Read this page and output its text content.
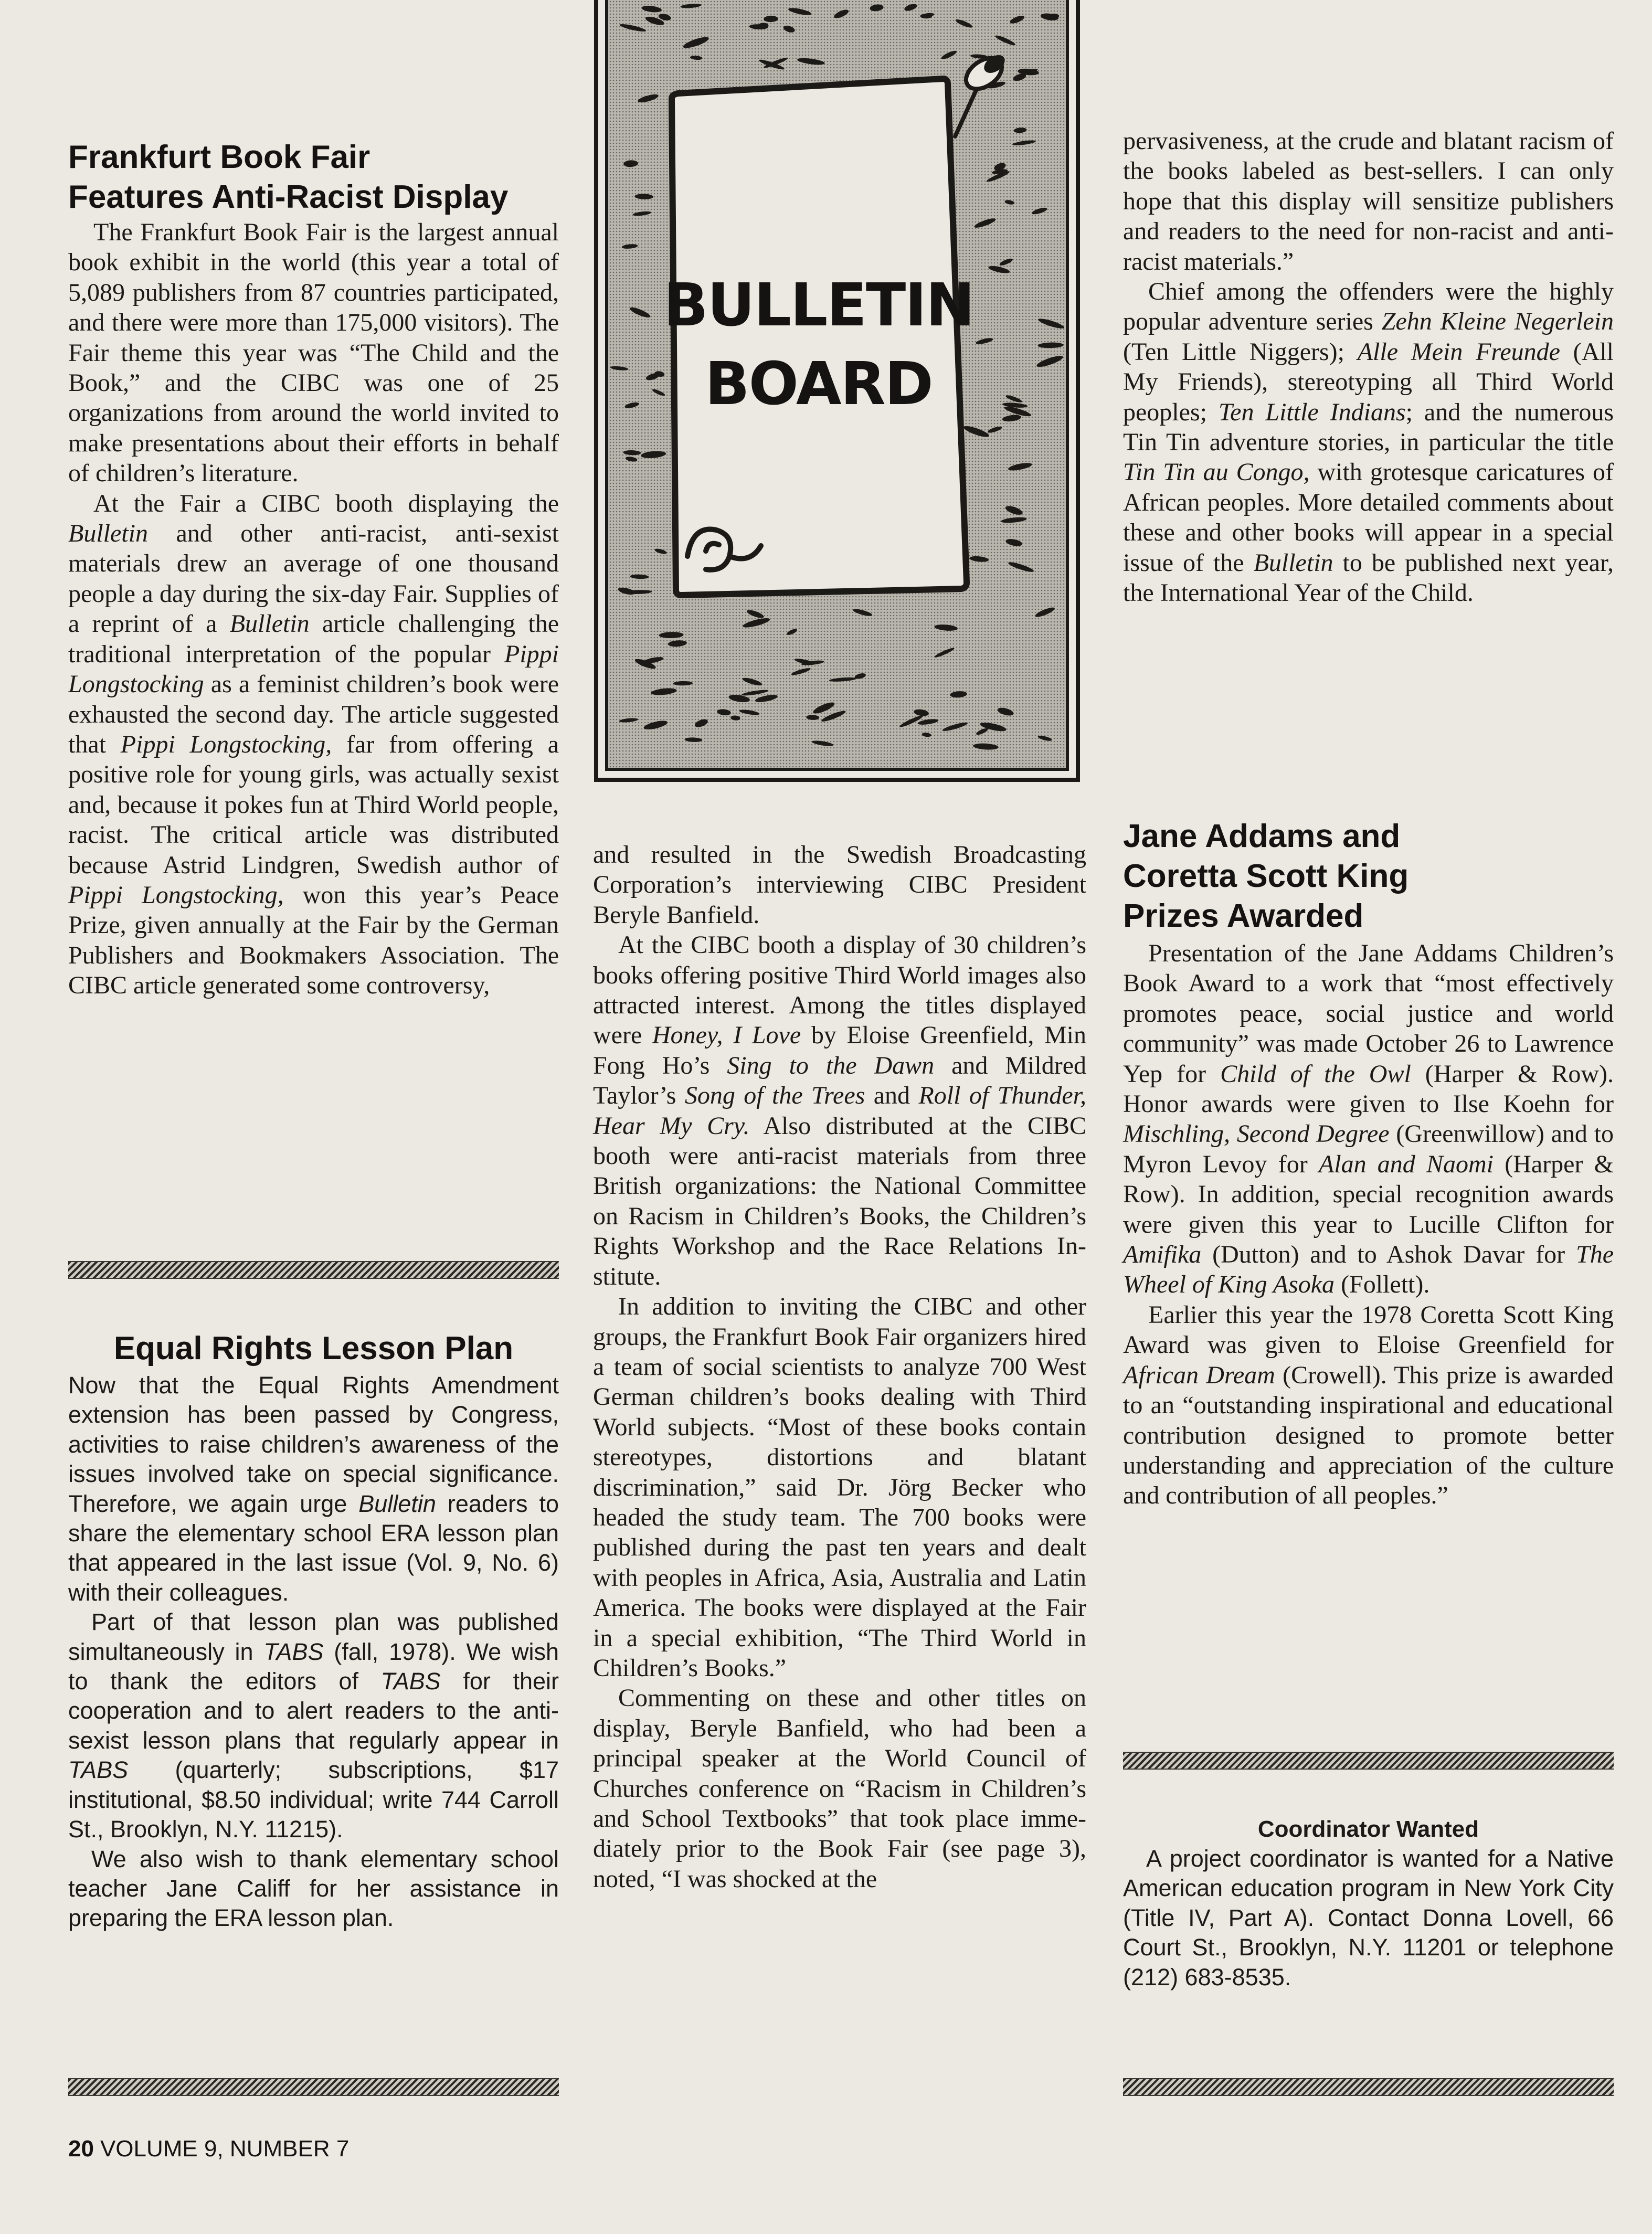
Frankfurt Book Fair
Features Anti-Racist Display

The Frankfurt Book Fair is the largest annual book exhibit in the world (this year a total of 5,089 publishers from 87 countries participated, and there were more than 175,000 visitors). The Fair theme this year was “The Child and the Book,” and the CIBC was one of 25 organizations from around the world invited to make presentations about their efforts in behalf of children’s literature.

At the Fair a CIBC booth displaying the Bulletin and other anti-racist, anti-sexist materials drew an average of one thousand people a day during the six-day Fair. Supplies of a reprint of a Bulletin article challenging the traditional interpretation of the popular Pippi Longstocking as a feminist children’s book were exhausted the second day. The article suggested that Pippi Longstocking, far from offering a positive role for young girls, was actually sexist and, because it pokes fun at Third World people, racist. The critical article was distributed because Astrid Lindgren, Swedish author of Pippi Longstocking, won this year’s Peace Prize, given annually at the Fair by the German Publishers and Bookmakers Association. The CIBC article generated some controversy,

Equal Rights Lesson Plan

Now that the Equal Rights Amendment extension has been passed by Congress, activities to raise children’s awareness of the issues involved take on special significance. Therefore, we again urge Bulletin readers to share the elementary school ERA lesson plan that appeared in the last issue (Vol. 9, No. 6) with their colleagues.

Part of that lesson plan was published simultaneously in TABS (fall, 1978). We wish to thank the editors of TABS for their cooperation and to alert readers to the anti-sexist lesson plans that regularly appear in TABS (quarterly; subscriptions, $17 institutional, $8.50 individual; write 744 Carroll St., Brooklyn, N.Y. 11215).

We also wish to thank elementary school teacher Jane Califf for her assistance in preparing the ERA lesson plan.

BULLETIN
BOARD

and resulted in the Swedish Broadcasting Corporation’s interviewing CIBC President Beryle Banfield.

At the CIBC booth a display of 30 children’s books offering positive Third World images also attracted interest. Among the titles displayed were Honey, I Love by Eloise Greenfield, Min Fong Ho’s Sing to the Dawn and Mildred Taylor’s Song of the Trees and Roll of Thunder, Hear My Cry. Also distributed at the CIBC booth were anti-racist materials from three British organizations: the National Committee on Racism in Children’s Books, the Children’s Rights Workshop and the Race Relations Institute.

In addition to inviting the CIBC and other groups, the Frankfurt Book Fair organizers hired a team of social scientists to analyze 700 West German children’s books dealing with Third World subjects. “Most of these books contain stereotypes, distortions and blatant discrimination,” said Dr. Jörg Becker who headed the study team. The 700 books were published during the past ten years and dealt with peoples in Africa, Asia, Australia and Latin America. The books were displayed at the Fair in a special exhibition, “The Third World in Children’s Books.”

Commenting on these and other titles on display, Beryle Banfield, who had been a principal speaker at the World Council of Churches conference on “Racism in Children’s and School Textbooks” that took place immediately prior to the Book Fair (see page 3), noted, “I was shocked at the

pervasiveness, at the crude and blatant racism of the books labeled as best-sellers. I can only hope that this display will sensitize publishers and readers to the need for non-racist and anti-racist materials.”

Chief among the offenders were the highly popular adventure series Zehn Kleine Negerlein (Ten Little Niggers); Alle Mein Freunde (All My Friends), stereotyping all Third World peoples; Ten Little Indians; and the numerous Tin Tin adventure stories, in particular the title Tin Tin au Congo, with grotesque caricatures of African peoples. More detailed comments about these and other books will appear in a special issue of the Bulletin to be published next year, the International Year of the Child.

Jane Addams and
Coretta Scott King
Prizes Awarded

Presentation of the Jane Addams Children’s Book Award to a work that “most effectively promotes peace, social justice and world community” was made October 26 to Lawrence Yep for Child of the Owl (Harper & Row). Honor awards were given to Ilse Koehn for Mischling, Second Degree (Greenwillow) and to Myron Levoy for Alan and Naomi (Harper & Row). In addition, special recognition awards were given this year to Lucille Clifton for Amifika (Dutton) and to Ashok Davar for The Wheel of King Asoka (Follett).

Earlier this year the 1978 Coretta Scott King Award was given to Eloise Greenfield for African Dream (Crowell). This prize is awarded to an “outstanding inspirational and educational contribution designed to promote better understanding and appreciation of the culture and contribution of all peoples.”

Coordinator Wanted

A project coordinator is wanted for a Native American education program in New York City (Title IV, Part A). Contact Donna Lovell, 66 Court St., Brooklyn, N.Y. 11201 or telephone (212) 683-8535.

20 VOLUME 9, NUMBER 7
